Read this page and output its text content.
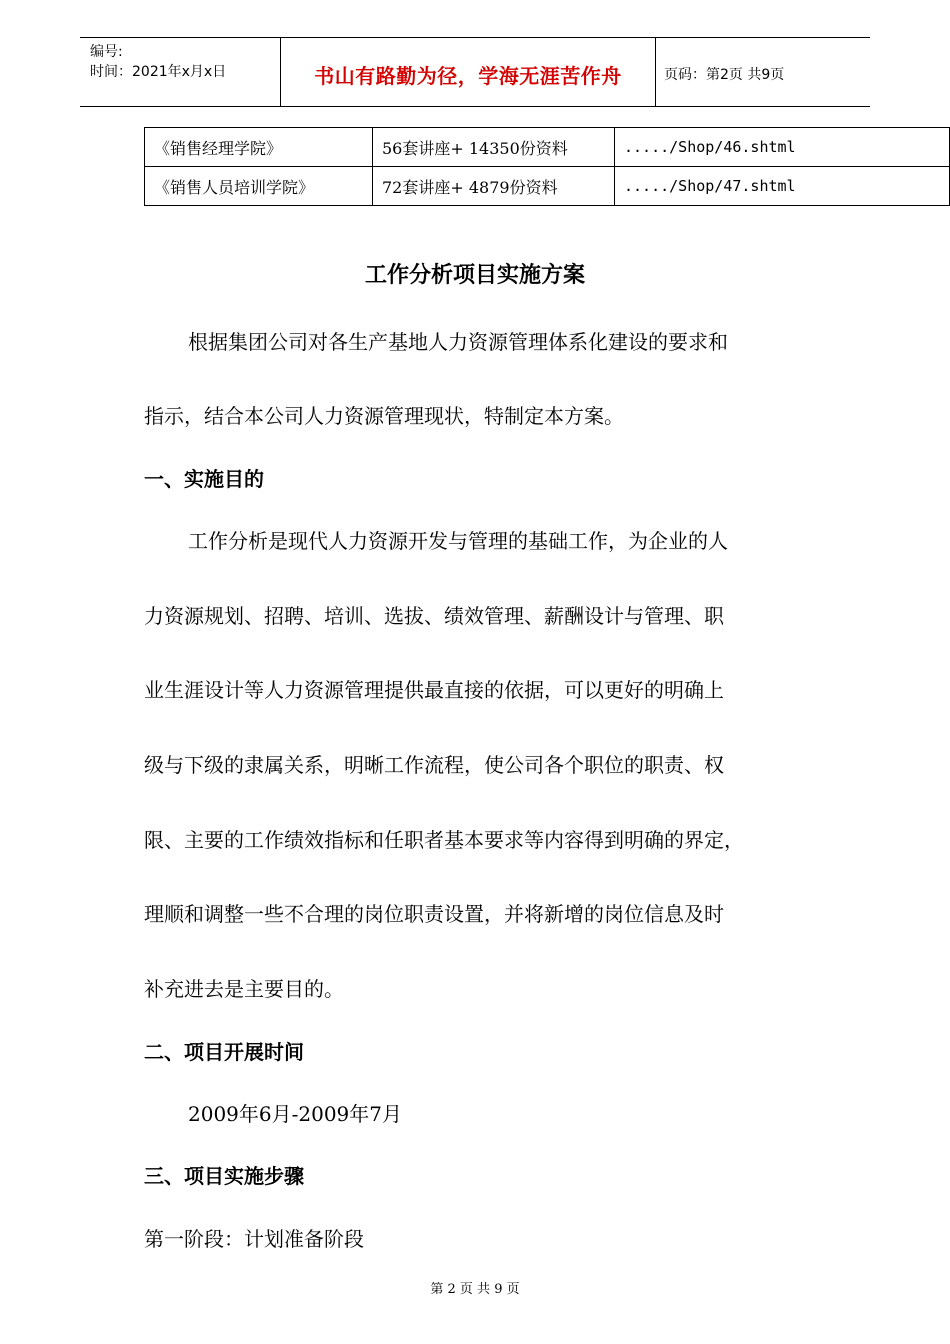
编号:
时间：2021年x月x日	书山有路勤为径，学海无涯苦作舟	页码：第2页 共9页
《销售经理学院》	56套讲座+ 14350份资料	...../Shop/46.shtml
《销售人员培训学院》	72套讲座+ 4879份资料	...../Shop/47.shtml
工作分析项目实施方案
根据集团公司对各生产基地人力资源管理体系化建设的要求和
指示，结合本公司人力资源管理现状，特制定本方案。
一、实施目的
工作分析是现代人力资源开发与管理的基础工作，为企业的人
力资源规划、招聘、培训、选拔、绩效管理、薪酬设计与管理、职
业生涯设计等人力资源管理提供最直接的依据，可以更好的明确上
级与下级的隶属关系，明晰工作流程，使公司各个职位的职责、权
限、主要的工作绩效指标和任职者基本要求等内容得到明确的界定，
理顺和调整一些不合理的岗位职责设置，并将新增的岗位信息及时
补充进去是主要目的。
二、项目开展时间
2009年6月-2009年7月
三、项目实施步骤
第一阶段：计划准备阶段
第 2 页 共 9 页
